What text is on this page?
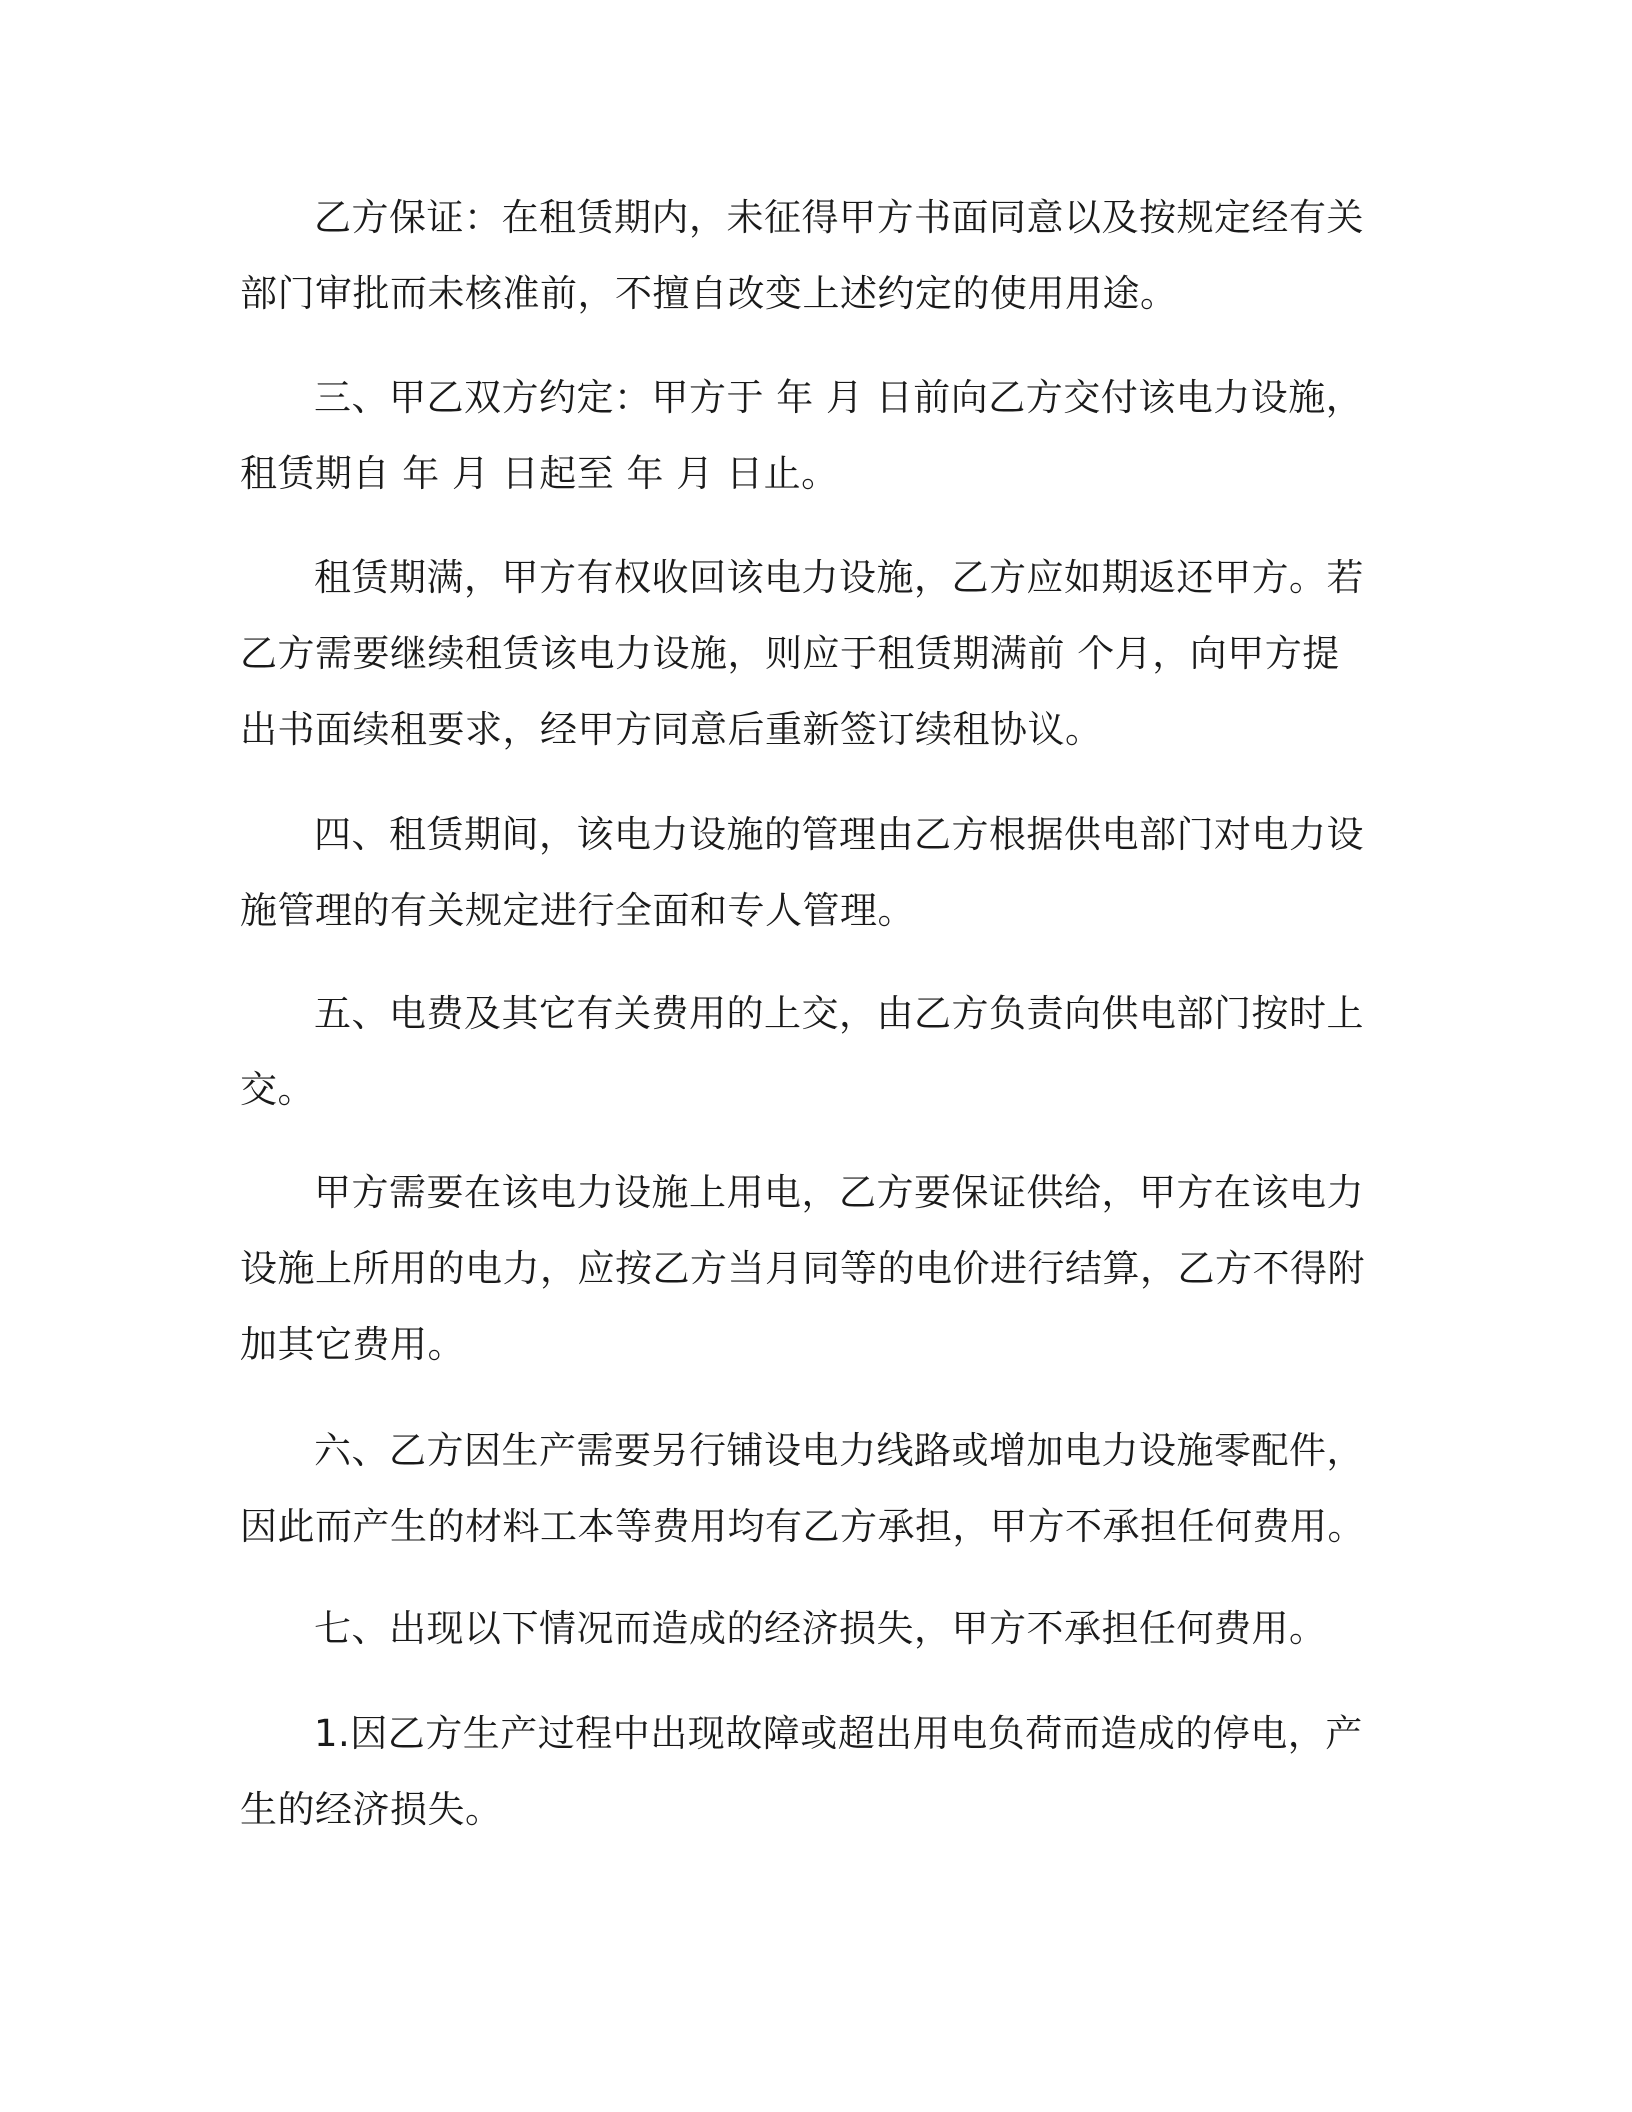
乙方保证：在租赁期内，未征得甲方书面同意以及按规定经有关部门审批而未核准前，不擅自改变上述约定的使用用途。

三、甲乙双方约定：甲方于 年 月 日前向乙方交付该电力设施，租赁期自 年 月 日起至 年 月 日止。

租赁期满，甲方有权收回该电力设施，乙方应如期返还甲方。若乙方需要继续租赁该电力设施，则应于租赁期满前 个月，向甲方提出书面续租要求，经甲方同意后重新签订续租协议。

四、租赁期间，该电力设施的管理由乙方根据供电部门对电力设施管理的有关规定进行全面和专人管理。

五、电费及其它有关费用的上交，由乙方负责向供电部门按时上交。

甲方需要在该电力设施上用电，乙方要保证供给，甲方在该电力设施上所用的电力，应按乙方当月同等的电价进行结算，乙方不得附加其它费用。

六、乙方因生产需要另行铺设电力线路或增加电力设施零配件，因此而产生的材料工本等费用均有乙方承担，甲方不承担任何费用。

七、出现以下情况而造成的经济损失，甲方不承担任何费用。

1.因乙方生产过程中出现故障或超出用电负荷而造成的停电，产生的经济损失。
